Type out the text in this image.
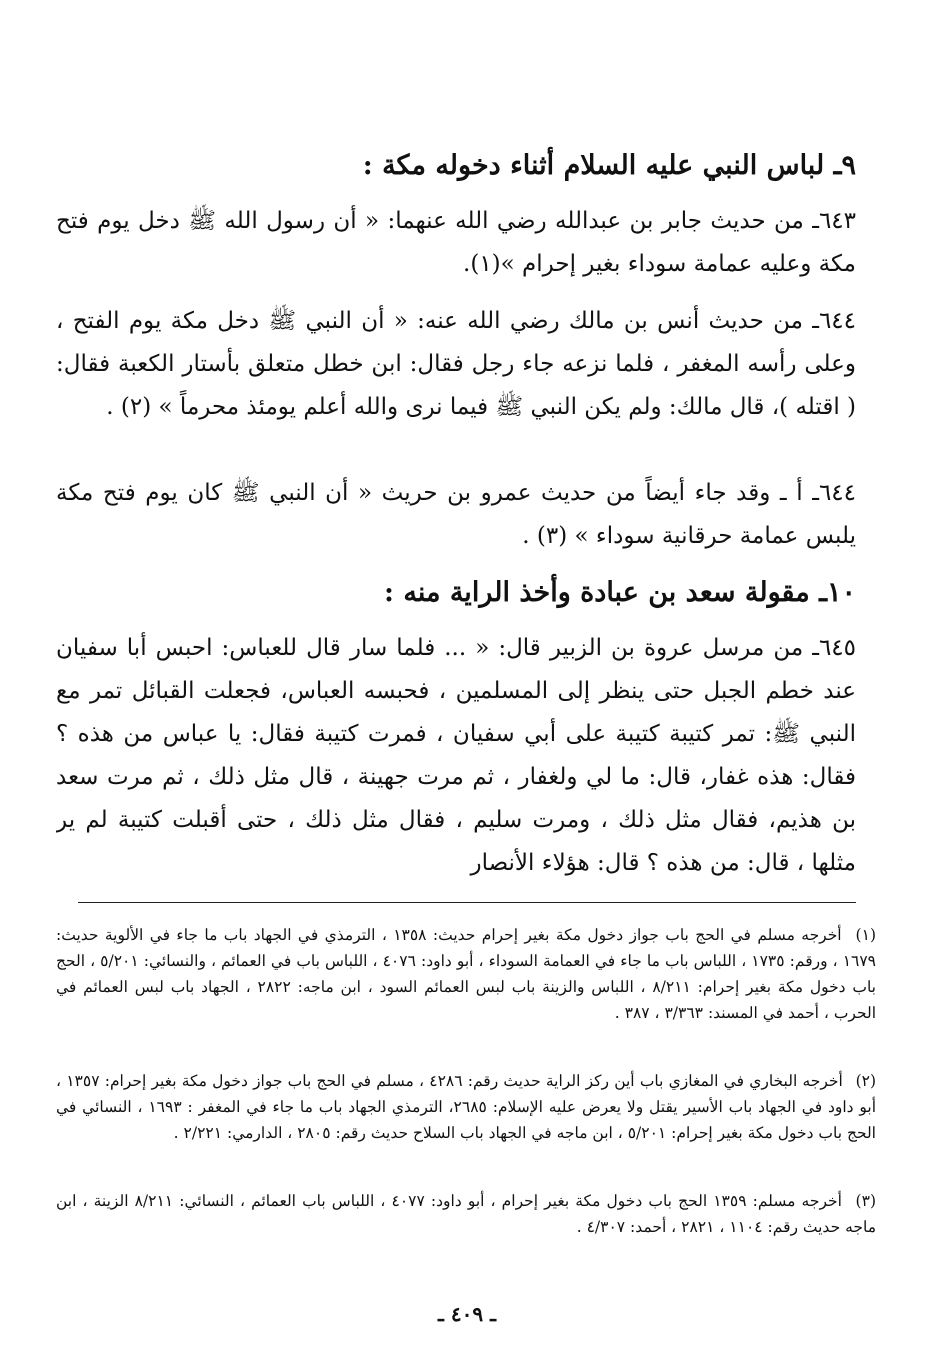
٩ـ لباس النبي عليه السلام أثناء دخوله مكة :
٦٤٣ـ من حديث جابر بن عبدالله رضي الله عنهما: « أن رسول الله ﷺ دخل يوم فتح مكة وعليه عمامة سوداء بغير إحرام »(١).
٦٤٤ـ من حديث أنس بن مالك رضي الله عنه: « أن النبي ﷺ دخل مكة يوم الفتح ، وعلى رأسه المغفر ، فلما نزعه جاء رجل فقال: ابن خطل متعلق بأستار الكعبة فقال: ( اقتله )، قال مالك: ولم يكن النبي ﷺ فيما نرى والله أعلم يومئذ محرماً » (٢) .
٦٤٤ـ أ ـ وقد جاء أيضاً من حديث عمرو بن حريث « أن النبي ﷺ كان يوم فتح مكة يلبس عمامة حرقانية سوداء » (٣) .
١٠ـ مقولة سعد بن عبادة وأخذ الراية منه :
٦٤٥ـ من مرسل عروة بن الزبير قال: « ... فلما سار قال للعباس: احبس أبا سفيان عند خطم الجبل حتى ينظر إلى المسلمين ، فحبسه العباس، فجعلت القبائل تمر مع النبي ﷺ: تمر كتيبة كتيبة على أبي سفيان ، فمرت كتيبة فقال: يا عباس من هذه ؟ فقال: هذه غفار، قال: ما لي ولغفار ، ثم مرت جهينة ، قال مثل ذلك ، ثم مرت سعد بن هذيم، فقال مثل ذلك ، ومرت سليم ، فقال مثل ذلك ، حتى أقبلت كتيبة لم ير مثلها ، قال: من هذه ؟ قال: هؤلاء الأنصار
(١) أخرجه مسلم في الحج باب جواز دخول مكة بغير إحرام حديث: ١٣٥٨ ، الترمذي في الجهاد باب ما جاء في الألوية حديث: ١٦٧٩ ، ورقم: ١٧٣٥ ، اللباس باب ما جاء في العمامة السوداء ، أبو داود: ٤٠٧٦ ، اللباس باب في العمائم ، والنسائي: ٥/٢٠١ ، الحج باب دخول مكة بغير إحرام: ٨/٢١١ ، اللباس والزينة باب لبس العمائم السود ، ابن ماجه: ٢٨٢٢ ، الجهاد باب لبس العمائم في الحرب ، أحمد في المسند: ٣/٣٦٣ ، ٣٨٧ .
(٢) أخرجه البخاري في المغازي باب أين ركز الراية حديث رقم: ٤٢٨٦ ، مسلم في الحج باب جواز دخول مكة بغير إحرام: ١٣٥٧ ، أبو داود في الجهاد باب الأسير يقتل ولا يعرض عليه الإسلام: ٢٦٨٥، الترمذي الجهاد باب ما جاء في المغفر : ١٦٩٣ ، النسائي في الحج باب دخول مكة بغير إحرام: ٥/٢٠١ ، ابن ماجه في الجهاد باب السلاح حديث رقم: ٢٨٠٥ ، الدارمي: ٢/٢٢١ .
(٣) أخرجه مسلم: ١٣٥٩ الحج باب دخول مكة بغير إحرام ، أبو داود: ٤٠٧٧ ، اللباس باب العمائم ، النسائي: ٨/٢١١ الزينة ، ابن ماجه حديث رقم: ١١٠٤ ، ٢٨٢١ ، أحمد: ٤/٣٠٧ .
ـ ٤٠٩ ـ
